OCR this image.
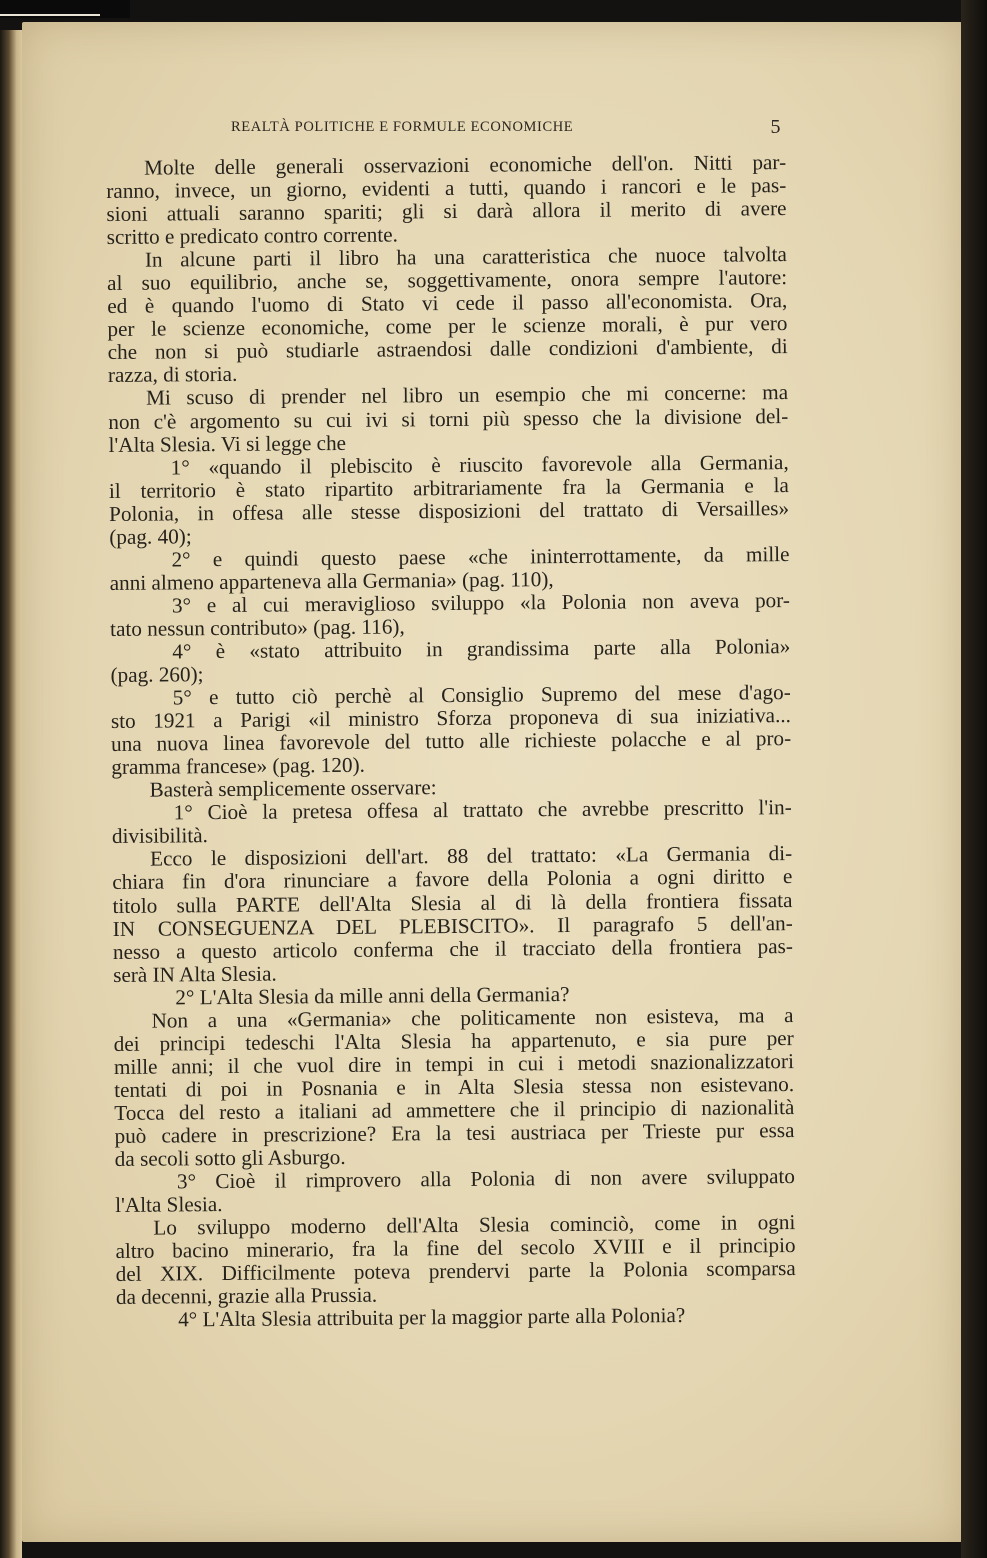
REALTÀ POLITICHE E FORMULE ECONOMICHE	5
Molte delle generali osservazioni economiche dell'on. Nitti par-
ranno, invece, un giorno, evidenti a tutti, quando i rancori e le pas-
sioni attuali saranno spariti; gli si darà allora il merito di avere
scritto e predicato contro corrente.
In alcune parti il libro ha una caratteristica che nuoce talvolta
al suo equilibrio, anche se, soggettivamente, onora sempre l'autore:
ed è quando l'uomo di Stato vi cede il passo all'economista. Ora,
per le scienze economiche, come per le scienze morali, è pur vero
che non si può studiarle astraendosi dalle condizioni d'ambiente, di
razza, di storia.
Mi scuso di prender nel libro un esempio che mi concerne: ma
non c'è argomento su cui ivi si torni più spesso che la divisione del-
l'Alta Slesia. Vi si legge che
1° «quando il plebiscito è riuscito favorevole alla Germania,
il territorio è stato ripartito arbitrariamente fra la Germania e la
Polonia, in offesa alle stesse disposizioni del trattato di Versailles»
(pag. 40);
2° e quindi questo paese «che ininterrottamente, da mille
anni almeno apparteneva alla Germania» (pag. 110),
3° e al cui meraviglioso sviluppo «la Polonia non aveva por-
tato nessun contributo» (pag. 116),
4° è «stato attribuito in grandissima parte alla Polonia»
(pag. 260);
5° e tutto ciò perchè al Consiglio Supremo del mese d'ago-
sto 1921 a Parigi «il ministro Sforza proponeva di sua iniziativa...
una nuova linea favorevole del tutto alle richieste polacche e al pro-
gramma francese» (pag. 120).
Basterà semplicemente osservare:
1° Cioè la pretesa offesa al trattato che avrebbe prescritto l'in-
divisibilità.
Ecco le disposizioni dell'art. 88 del trattato: «La Germania di-
chiara fin d'ora rinunciare a favore della Polonia a ogni diritto e
titolo sulla PARTE dell'Alta Slesia al di là della frontiera fissata
IN CONSEGUENZA DEL PLEBISCITO». Il paragrafo 5 dell'an-
nesso a questo articolo conferma che il tracciato della frontiera pas-
serà IN Alta Slesia.
2° L'Alta Slesia da mille anni della Germania?
Non a una «Germania» che politicamente non esisteva, ma a
dei principi tedeschi l'Alta Slesia ha appartenuto, e sia pure per
mille anni; il che vuol dire in tempi in cui i metodi snazionalizzatori
tentati di poi in Posnania e in Alta Slesia stessa non esistevano.
Tocca del resto a italiani ad ammettere che il principio di nazionalità
può cadere in prescrizione? Era la tesi austriaca per Trieste pur essa
da secoli sotto gli Asburgo.
3° Cioè il rimprovero alla Polonia di non avere sviluppato
l'Alta Slesia.
Lo sviluppo moderno dell'Alta Slesia cominciò, come in ogni
altro bacino minerario, fra la fine del secolo XVIII e il principio
del XIX. Difficilmente poteva prendervi parte la Polonia scomparsa
da decenni, grazie alla Prussia.
4° L'Alta Slesia attribuita per la maggior parte alla Polonia?
